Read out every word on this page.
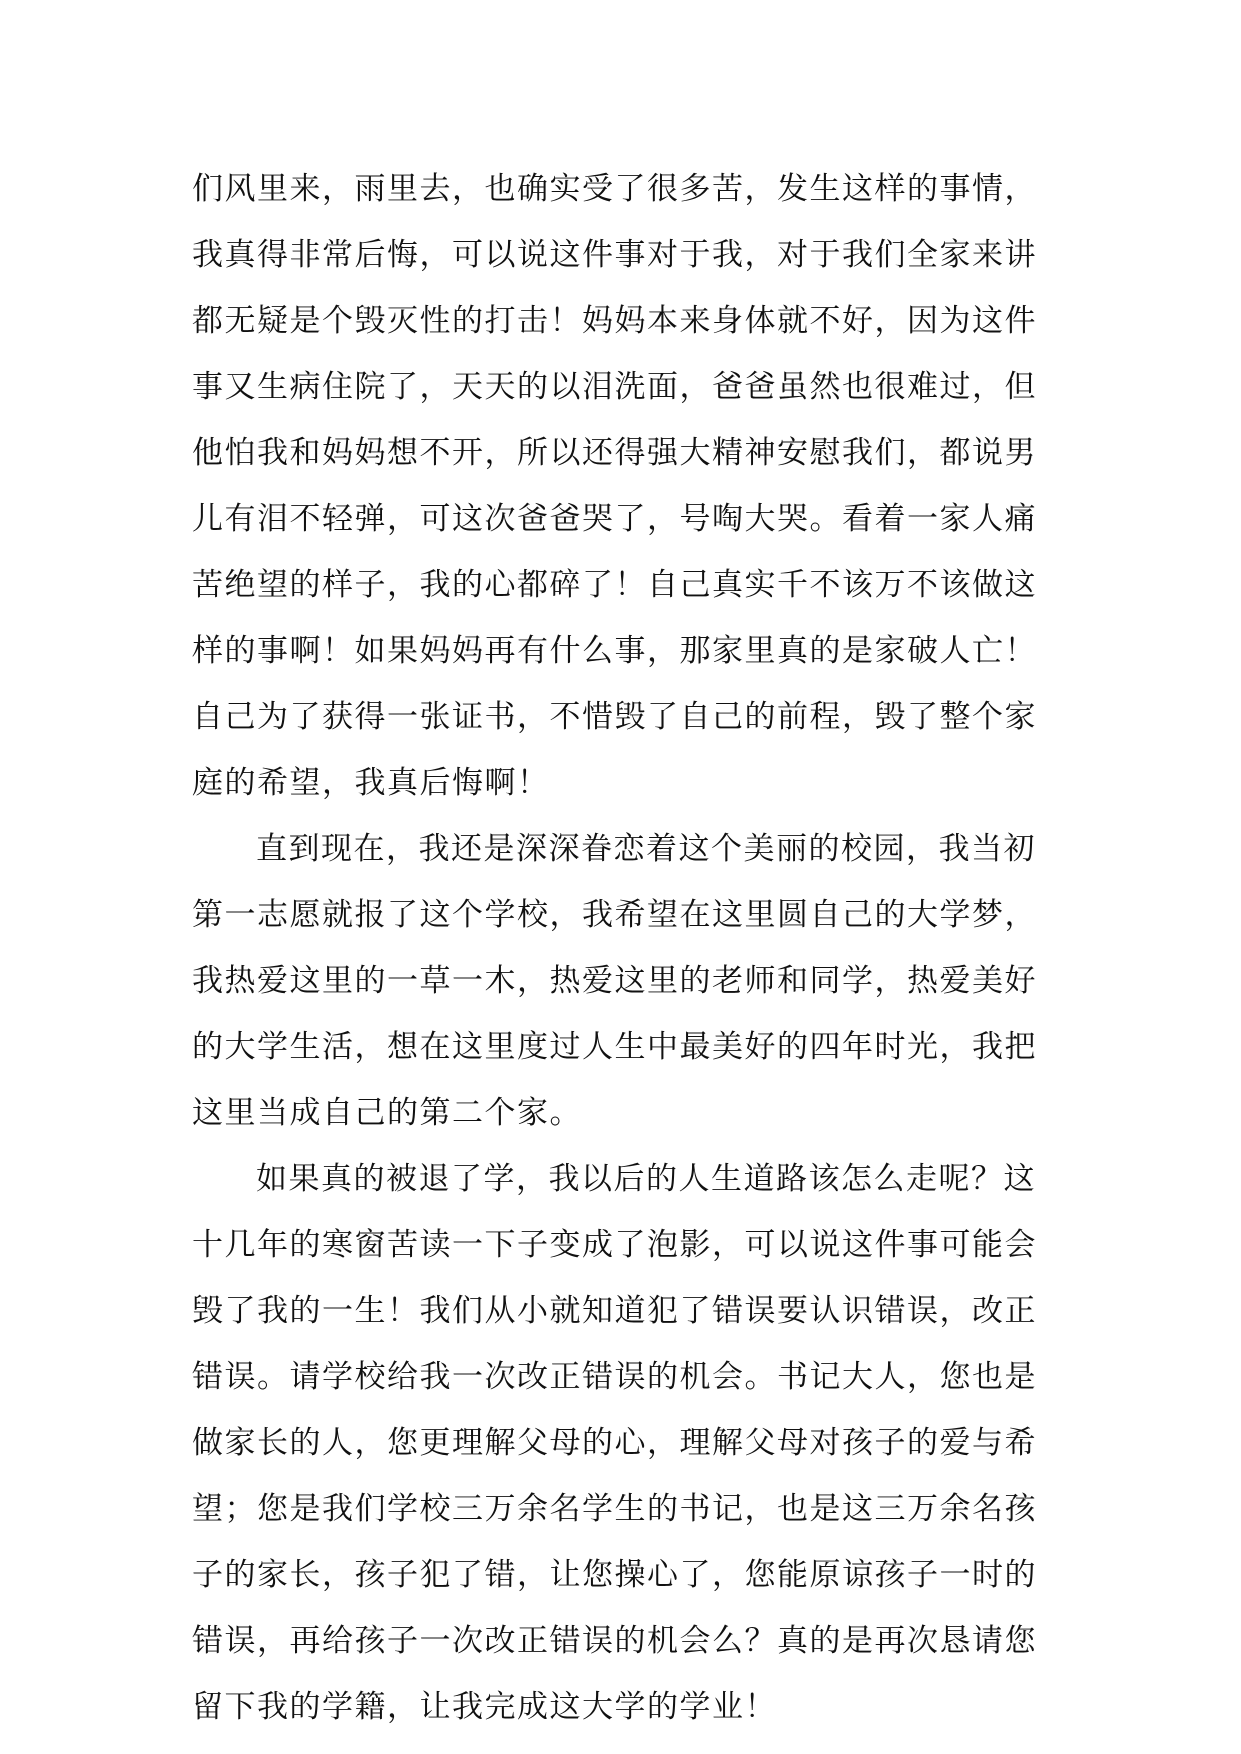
们风里来，雨里去，也确实受了很多苦，发生这样的事情，
我真得非常后悔，可以说这件事对于我，对于我们全家来讲
都无疑是个毁灭性的打击！妈妈本来身体就不好，因为这件
事又生病住院了，天天的以泪洗面，爸爸虽然也很难过，但
他怕我和妈妈想不开，所以还得强大精神安慰我们，都说男
儿有泪不轻弹，可这次爸爸哭了，号啕大哭。看着一家人痛
苦绝望的样子，我的心都碎了！自己真实千不该万不该做这
样的事啊！如果妈妈再有什么事，那家里真的是家破人亡！
自己为了获得一张证书，不惜毁了自己的前程，毁了整个家
庭的希望，我真后悔啊！
直到现在，我还是深深眷恋着这个美丽的校园，我当初
第一志愿就报了这个学校，我希望在这里圆自己的大学梦，
我热爱这里的一草一木，热爱这里的老师和同学，热爱美好
的大学生活，想在这里度过人生中最美好的四年时光，我把
这里当成自己的第二个家。
如果真的被退了学，我以后的人生道路该怎么走呢？这
十几年的寒窗苦读一下子变成了泡影，可以说这件事可能会
毁了我的一生！我们从小就知道犯了错误要认识错误，改正
错误。请学校给我一次改正错误的机会。书记大人，您也是
做家长的人，您更理解父母的心，理解父母对孩子的爱与希
望；您是我们学校三万余名学生的书记，也是这三万余名孩
子的家长，孩子犯了错，让您操心了，您能原谅孩子一时的
错误，再给孩子一次改正错误的机会么？真的是再次恳请您
留下我的学籍，让我完成这大学的学业！
